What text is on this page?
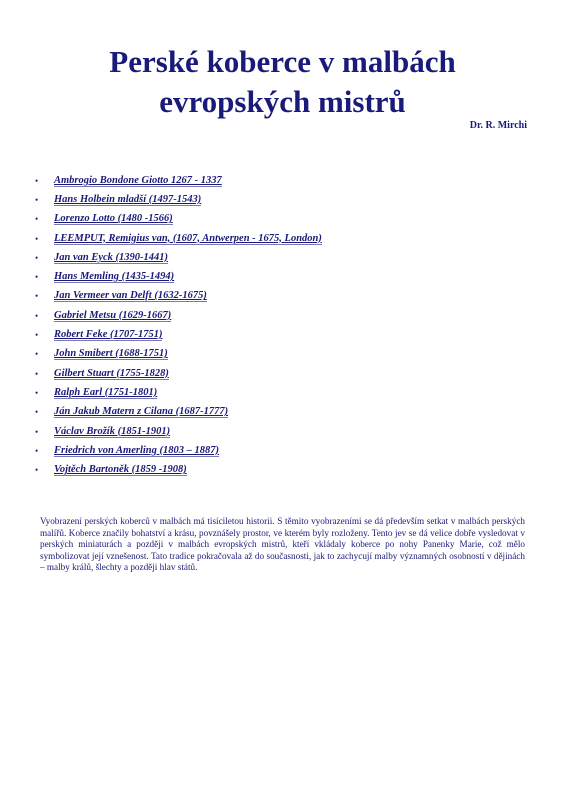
Perské koberce v malbách
evropských mistrů
Dr. R. Mirchi
•	Ambrogio Bondone Giotto 1267 - 1337
•	Hans Holbein mladší (1497-1543)
•	Lorenzo Lotto (1480 -1566)
•	LEEMPUT, Remigius van, (1607, Antwerpen - 1675, London)
•	Jan van Eyck (1390-1441)
•	Hans Memling (1435-1494)
•	Jan Vermeer van Delft (1632-1675)
•	Gabriel Metsu (1629-1667)
•	Robert Feke (1707-1751)
•	John Smibert (1688-1751)
•	Gilbert Stuart (1755-1828)
•	Ralph Earl (1751-1801)
•	Ján Jakub Matern z Cilana (1687-1777)
•	Václav Brožík (1851-1901)
•	Friedrich von Amerling (1803 – 1887)
•	Vojtěch Bartoněk (1859 -1908)

Vyobrazení perských koberců v malbách má tisíciletou historii. S těmito vyobrazeními se dá především setkat v malbách perských malířů. Koberce značily bohatství a krásu, povznášely prostor, ve kterém byly rozloženy. Tento jev se dá velice dobře vysledovat v perských miniaturách a později v malbách evropských mistrů, kteří vkládaly koberce po nohy Panenky Marie, což mělo symbolizovat její vznešenost. Tato tradice pokračovala až do současnosti, jak to zachycují malby významných osobností v dějinách – malby králů, šlechty a později hlav států.
